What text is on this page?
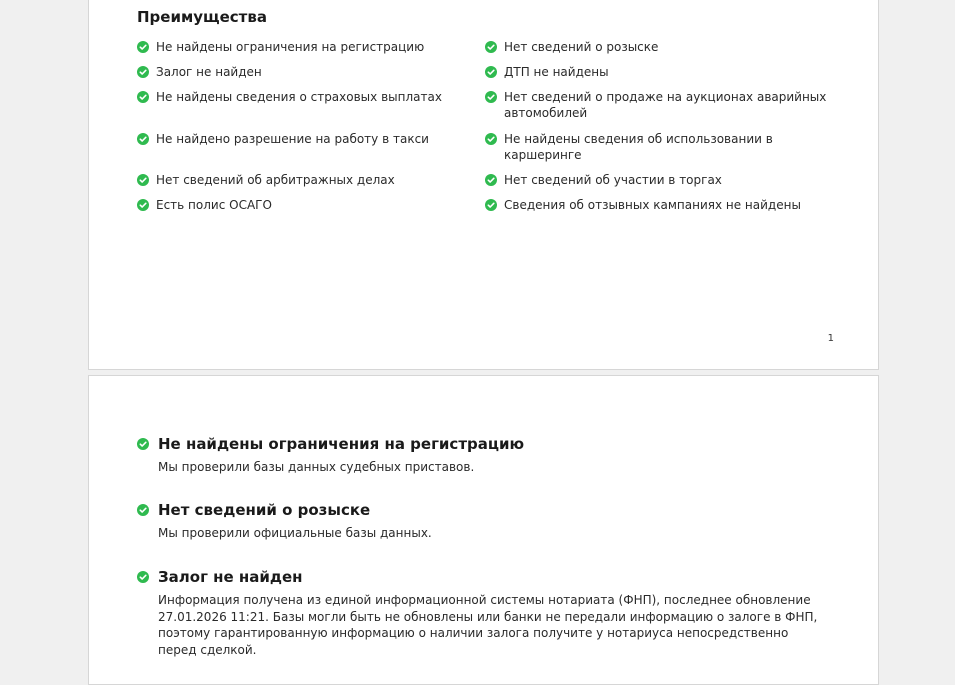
Преимущества
Не найдены ограничения на регистрацию	Нет сведений о розыске
Залог не найден	ДТП не найдены
Не найдены сведения о страховых выплатах	Нет сведений о продаже на аукционах аварийных автомобилей
Не найдено разрешение на работу в такси	Не найдены сведения об использовании в каршеринге
Нет сведений об арбитражных делах	Нет сведений об участии в торгах
Есть полис ОСАГО	Сведения об отзывных кампаниях не найдены
1
Не найдены ограничения на регистрацию

Мы проверили базы данных судебных приставов.

Нет сведений о розыске

Мы проверили официальные базы данных.

Залог не найден

Информация получена из единой информационной системы нотариата (ФНП), последнее обновление 27.01.2026 11:21. Базы могли быть не обновлены или банки не передали информацию о залоге в ФНП, поэтому гарантированную информацию о наличии залога получите у нотариуса непосредственно перед сделкой.
